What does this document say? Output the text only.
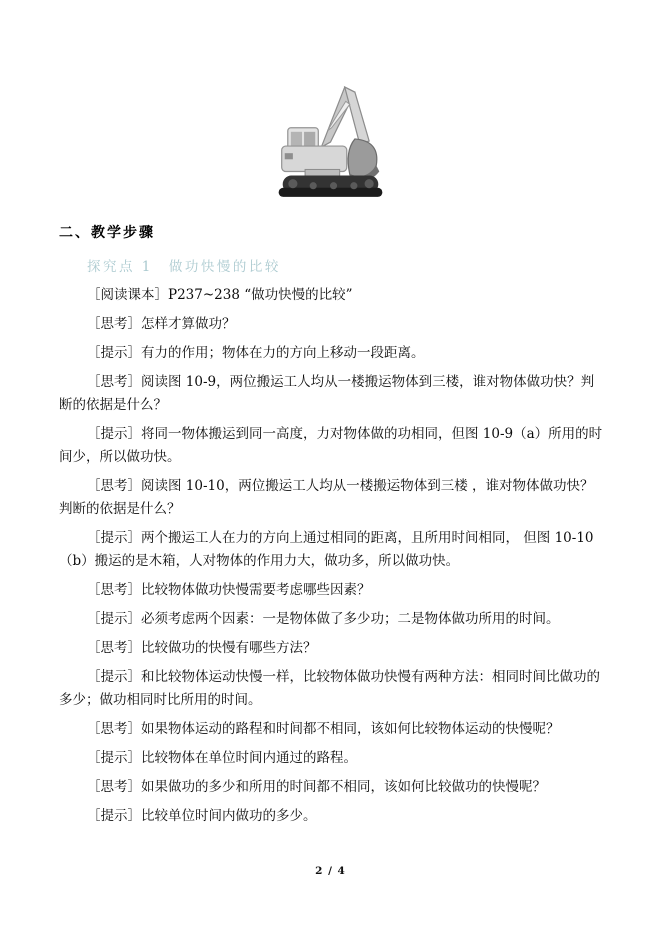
二、教学步骤
探究点 1　做功快慢的比较

［阅读课本］P237~238 “做功快慢的比较”

［思考］怎样才算做功？

［提示］有力的作用；物体在力的方向上移动一段距离。

［思考］阅读图 10-9，两位搬运工人均从一楼搬运物体到三楼，谁对物体做功快？判断的依据是什么？

［提示］将同一物体搬运到同一高度，力对物体做的功相同，但图 10-9（a）所用的时间少，所以做功快。

［思考］阅读图 10-10，两位搬运工人均从一楼搬运物体到三楼 ，谁对物体做功快？判断的依据是什么？

［提示］两个搬运工人在力的方向上通过相同的距离，且所用时间相同， 但图 10-10（b）搬运的是木箱，人对物体的作用力大，做功多，所以做功快。

［思考］比较物体做功快慢需要考虑哪些因素？

［提示］必须考虑两个因素：一是物体做了多少功；二是物体做功所用的时间。

［思考］比较做功的快慢有哪些方法？

［提示］和比较物体运动快慢一样，比较物体做功快慢有两种方法：相同时间比做功的多少；做功相同时比所用的时间。

［思考］如果物体运动的路程和时间都不相同，该如何比较物体运动的快慢呢？

［提示］比较物体在单位时间内通过的路程。

［思考］如果做功的多少和所用的时间都不相同，该如何比较做功的快慢呢？

［提示］比较单位时间内做功的多少。

2 / 4
